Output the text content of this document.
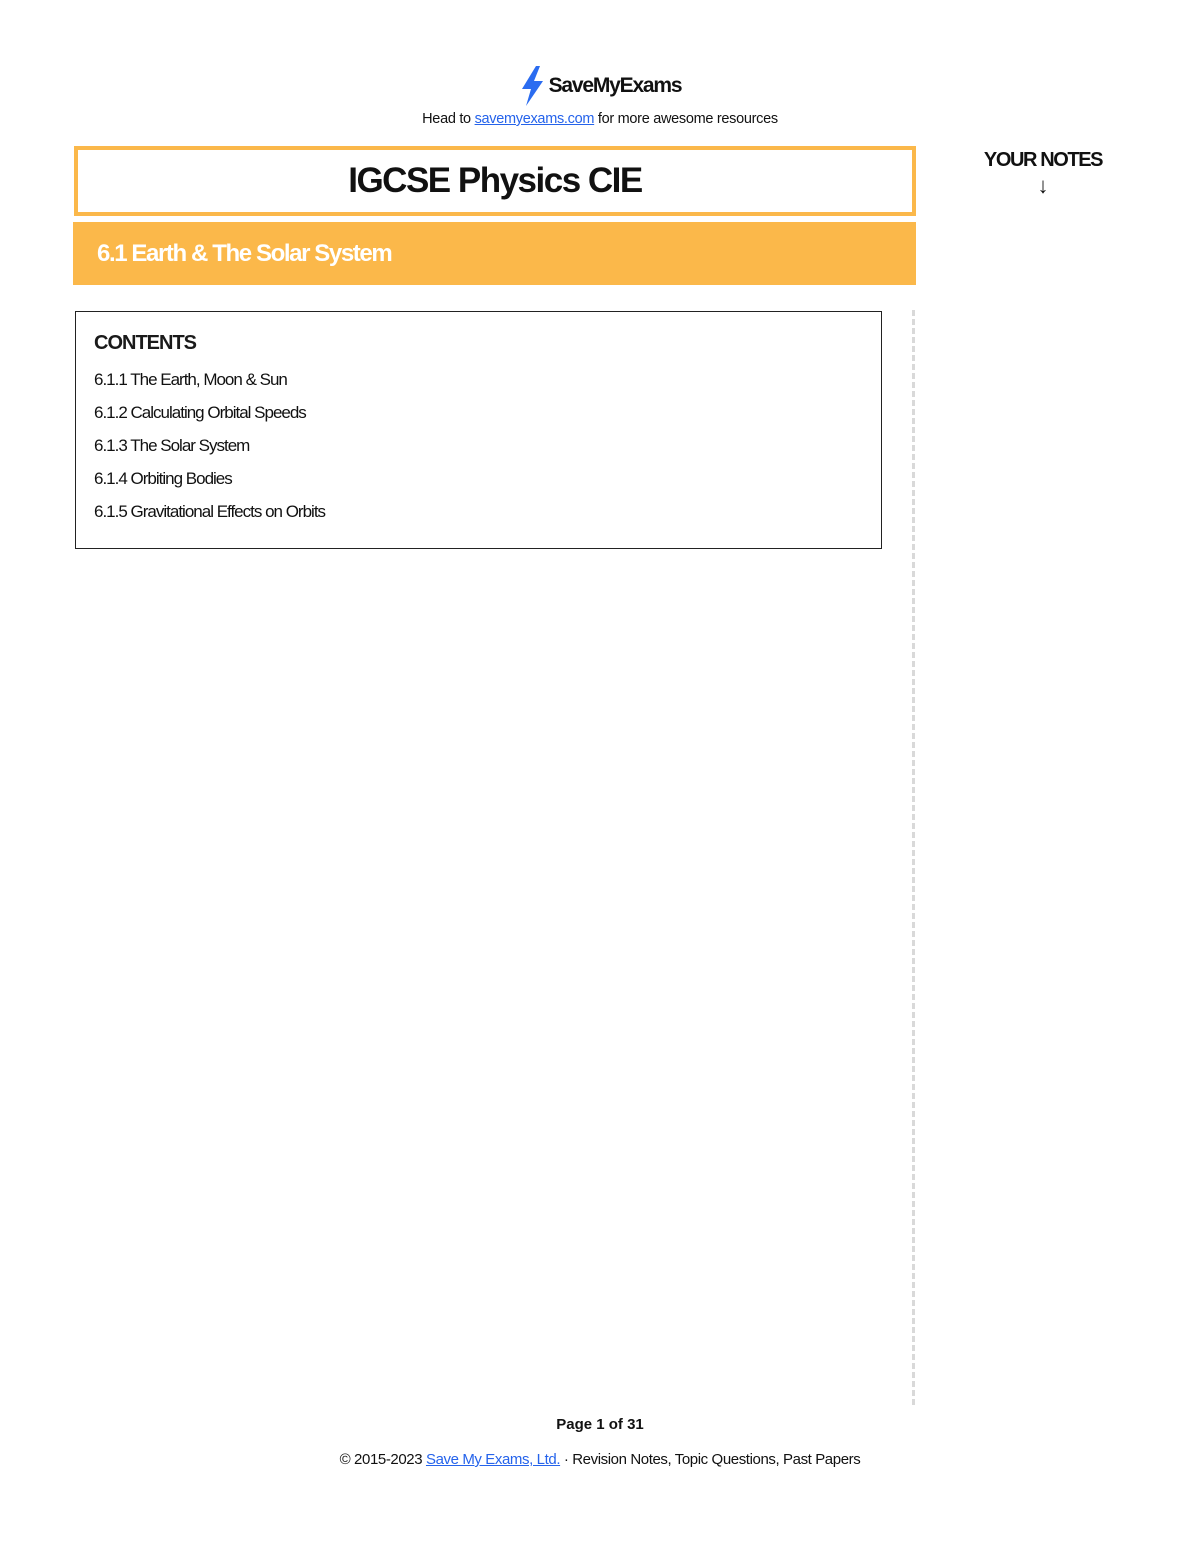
SaveMyExams
Head to savemyexams.com for more awesome resources
IGCSE Physics CIE
6.1 Earth & The Solar System
YOUR NOTES
↓
CONTENTS
6.1.1 The Earth, Moon & Sun
6.1.2 Calculating Orbital Speeds
6.1.3 The Solar System
6.1.4 Orbiting Bodies
6.1.5 Gravitational Effects on Orbits
Page 1 of 31
© 2015-2023 Save My Exams, Ltd. · Revision Notes, Topic Questions, Past Papers
